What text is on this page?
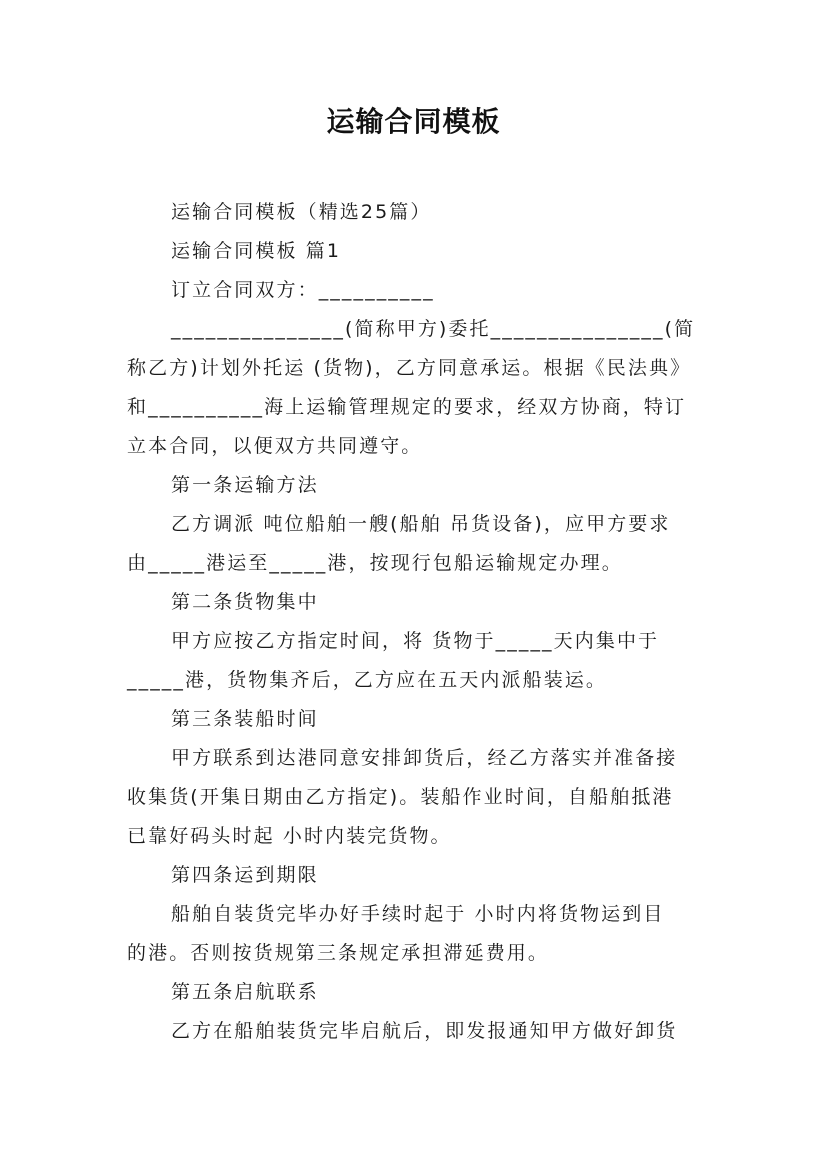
运输合同模板
运输合同模板（精选25篇）
运输合同模板 篇1
订立合同双方：__________
_______________(简称甲方)委托_______________(简
称乙方)计划外托运 (货物)，乙方同意承运。根据《民法典》
和__________海上运输管理规定的要求，经双方协商，特订
立本合同，以便双方共同遵守。
第一条运输方法
乙方调派 吨位船舶一艘(船舶 吊货设备)，应甲方要求
由_____港运至_____港，按现行包船运输规定办理。
第二条货物集中
甲方应按乙方指定时间，将 货物于_____天内集中于
_____港，货物集齐后，乙方应在五天内派船装运。
第三条装船时间
甲方联系到达港同意安排卸货后，经乙方落实并准备接
收集货(开集日期由乙方指定)。装船作业时间，自船舶抵港
已靠好码头时起 小时内装完货物。
第四条运到期限
船舶自装货完毕办好手续时起于 小时内将货物运到目
的港。否则按货规第三条规定承担滞延费用。
第五条启航联系
乙方在船舶装货完毕启航后，即发报通知甲方做好卸货
